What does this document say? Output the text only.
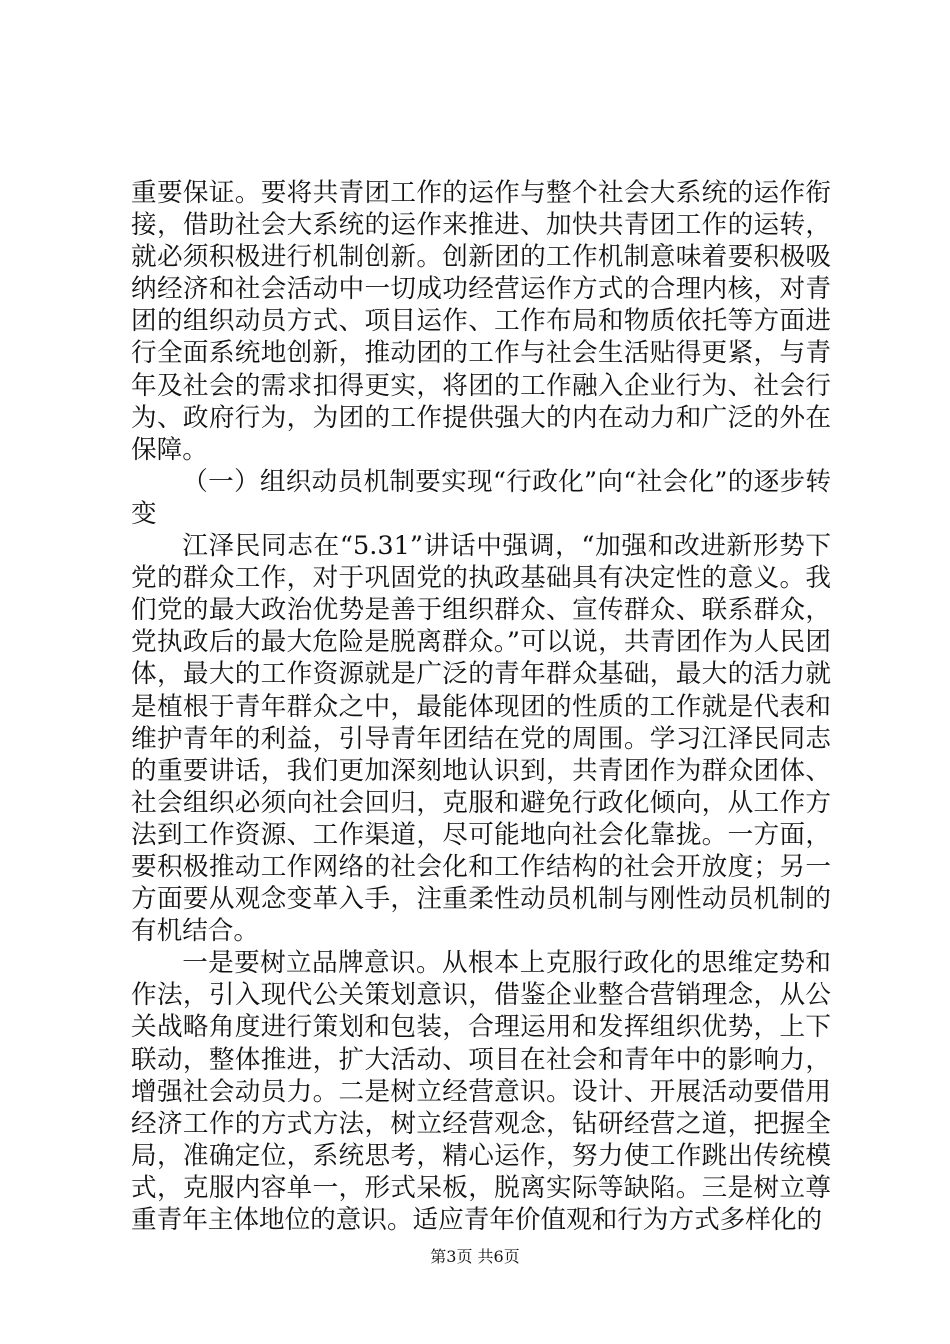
重要保证。要将共青团工作的运作与整个社会大系统的运作衔接，借助社会大系统的运作来推进、加快共青团工作的运转，就必须积极进行机制创新。创新团的工作机制意味着要积极吸纳经济和社会活动中一切成功经营运作方式的合理内核，对青团的组织动员方式、项目运作、工作布局和物质依托等方面进行全面系统地创新，推动团的工作与社会生活贴得更紧，与青年及社会的需求扣得更实，将团的工作融入企业行为、社会行为、政府行为，为团的工作提供强大的内在动力和广泛的外在保障。

（一）组织动员机制要实现“行政化”向“社会化”的逐步转变

江泽民同志在“5.31”讲话中强调，“加强和改进新形势下党的群众工作，对于巩固党的执政基础具有决定性的意义。我们党的最大政治优势是善于组织群众、宣传群众、联系群众，党执政后的最大危险是脱离群众。”可以说，共青团作为人民团体，最大的工作资源就是广泛的青年群众基础，最大的活力就是植根于青年群众之中，最能体现团的性质的工作就是代表和维护青年的利益，引导青年团结在党的周围。学习江泽民同志的重要讲话，我们更加深刻地认识到，共青团作为群众团体、社会组织必须向社会回归，克服和避免行政化倾向，从工作方法到工作资源、工作渠道，尽可能地向社会化靠拢。一方面，要积极推动工作网络的社会化和工作结构的社会开放度；另一方面要从观念变革入手，注重柔性动员机制与刚性动员机制的有机结合。

一是要树立品牌意识。从根本上克服行政化的思维定势和作法，引入现代公关策划意识，借鉴企业整合营销理念，从公关战略角度进行策划和包装，合理运用和发挥组织优势，上下联动，整体推进，扩大活动、项目在社会和青年中的影响力，增强社会动员力。二是树立经营意识。设计、开展活动要借用经济工作的方式方法，树立经营观念，钻研经营之道，把握全局，准确定位，系统思考，精心运作，努力使工作跳出传统模式，克服内容单一，形式呆板，脱离实际等缺陷。三是树立尊重青年主体地位的意识。适应青年价值观和行为方式多样化的

第3页 共6页
